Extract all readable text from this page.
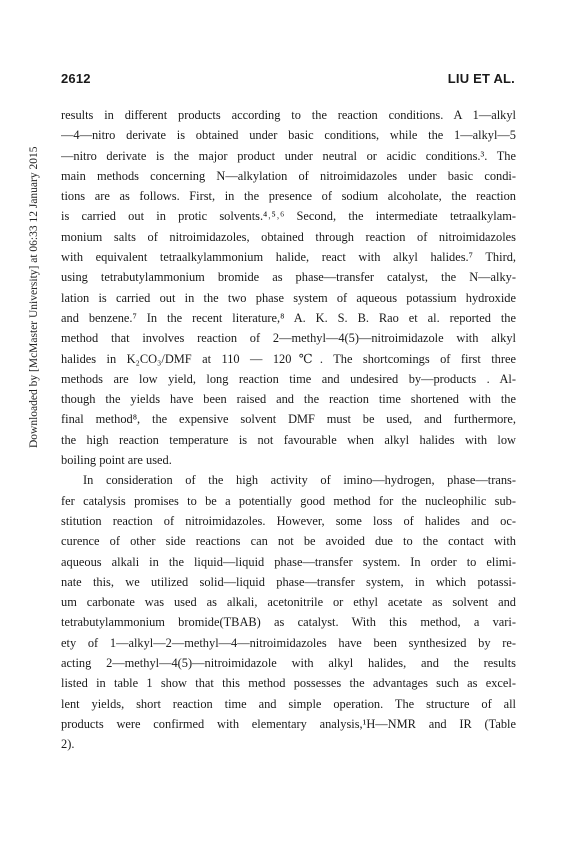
2612	LIU ET AL.
Downloaded by [McMaster University] at 06:33 12 January 2015
results in different products according to the reaction conditions. A 1—alkyl
—4—nitro derivate is obtained under basic conditions, while the 1—alkyl—5
—nitro derivate is the major product under neutral or acidic conditions.³. The
main methods concerning N—alkylation of nitroimidazoles under basic condi-
tions are as follows. First, in the presence of sodium alcoholate, the reaction
is carried out in protic solvents.⁴˒⁵˒⁶ Second, the intermediate tetraalkylam-
monium salts of nitroimidazoles, obtained through reaction of nitroimidazoles
with equivalent tetraalkylammonium halide, react with alkyl halides.⁷ Third,
using tetrabutylammonium bromide as phase—transfer catalyst, the N—alky-
lation is carried out in the two phase system of aqueous potassium hydroxide
and benzene.⁷ In the recent literature,⁸ A. K. S. B. Rao et al. reported the
method that involves reaction of 2—methyl—4(5)—nitroimidazole with alkyl
halides in K₂CO₃/DMF at 110 — 120℃. The shortcomings of first three
methods are low yield, long reaction time and undesired by—products . Al-
though the yields have been raised and the reaction time shortened with the
final method⁸, the expensive solvent DMF must be used, and furthermore,
the high reaction temperature is not favourable when alkyl halides with low
boiling point are used.
In consideration of the high activity of imino—hydrogen, phase—trans-
fer catalysis promises to be a potentially good method for the nucleophilic sub-
stitution reaction of nitroimidazoles. However, some loss of halides and oc-
curence of other side reactions can not be avoided due to the contact with
aqueous alkali in the liquid—liquid phase—transfer system. In order to elimi-
nate this, we utilized solid—liquid phase—transfer system, in which potassi-
um carbonate was used as alkali, acetonitrile or ethyl acetate as solvent and
tetrabutylammonium bromide(TBAB) as catalyst. With this method, a vari-
ety of 1—alkyl—2—methyl—4—nitroimidazoles have been synthesized by re-
acting 2—methyl—4(5)—nitroimidazole with alkyl halides, and the results
listed in table 1 show that this method possesses the advantages such as excel-
lent yields, short reaction time and simple operation. The structure of all
products were confirmed with elementary analysis,¹H—NMR and IR (Table
2).
